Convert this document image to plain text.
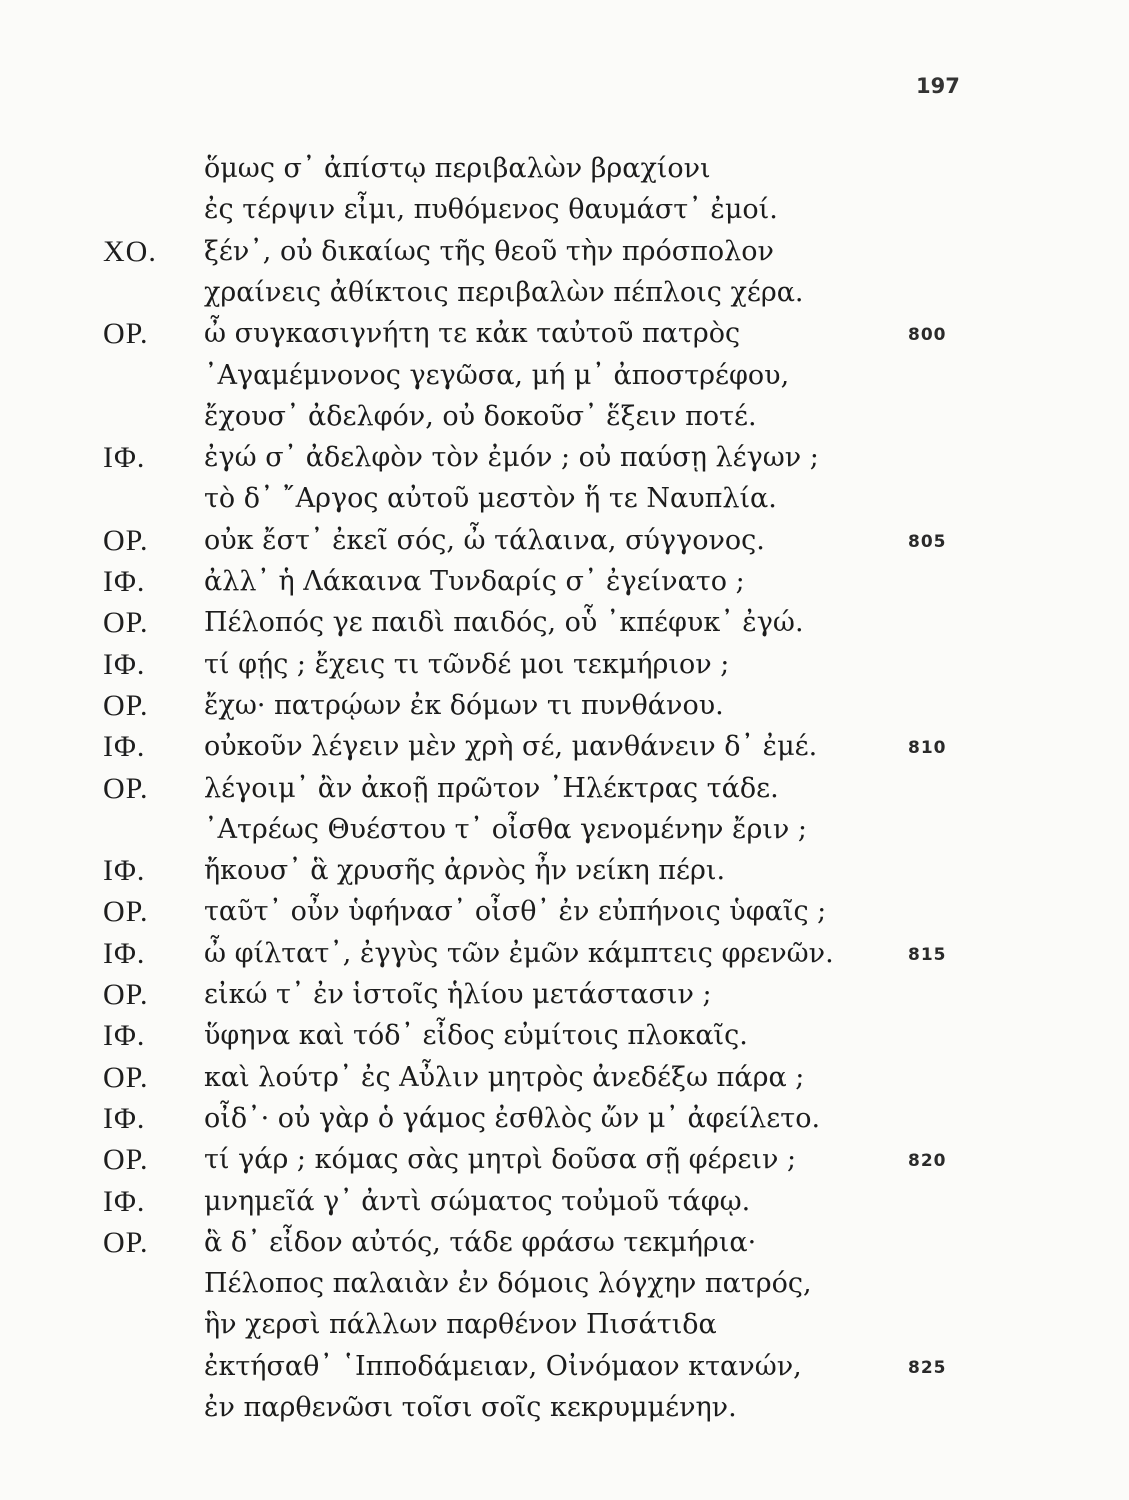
197
ὅμως σ᾽ ἀπίστῳ περιβαλὼν βραχίονι
ἐς τέρψιν εἶμι, πυθόμενος θαυμάστ᾽ ἐμοί.
ΧΟ. ξέν᾽, οὐ δικαίως τῆς θεοῦ τὴν πρόσπολον
χραίνεις ἀθίκτοις περιβαλὼν πέπλοις χέρα.
ΟΡ. ὦ συγκασιγνήτη τε κἀκ ταὐτοῦ πατρὸς	800
᾽Αγαμέμνονος γεγῶσα, μή μ᾽ ἀποστρέφου,
ἔχουσ᾽ ἀδελφόν, οὐ δοκοῦσ᾽ ἕξειν ποτέ.
ΙΦ. ἐγώ σ᾽ ἀδελφὸν τὸν ἐμόν ; οὐ παύσῃ λέγων ;
τὸ δ᾽ ῎Αργος αὐτοῦ μεστὸν ἥ τε Ναυπλία.
ΟΡ. οὐκ ἔστ᾽ ἐκεῖ σός, ὦ τάλαινα, σύγγονος.	805
ΙΦ. ἀλλ᾽ ἡ Λάκαινα Τυνδαρίς σ᾽ ἐγείνατο ;
ΟΡ. Πέλοπός γε παιδὶ παιδός, οὗ ᾽κπέφυκ᾽ ἐγώ.
ΙΦ. τί φῄς ; ἔχεις τι τῶνδέ μοι τεκμήριον ;
ΟΡ. ἔχω· πατρῴων ἐκ δόμων τι πυνθάνου.
ΙΦ. οὐκοῦν λέγειν μὲν χρὴ σέ, μανθάνειν δ᾽ ἐμέ.	810
ΟΡ. λέγοιμ᾽ ἂν ἀκοῇ πρῶτον ᾽Ηλέκτρας τάδε.
᾽Ατρέως Θυέστου τ᾽ οἶσθα γενομένην ἔριν ;
ΙΦ. ἤκουσ᾽ ἃ χρυσῆς ἀρνὸς ἦν νείκη πέρι.
ΟΡ. ταῦτ᾽ οὖν ὑφήνασ᾽ οἶσθ᾽ ἐν εὐπήνοις ὑφαῖς ;
ΙΦ. ὦ φίλτατ᾽, ἐγγὺς τῶν ἐμῶν κάμπτεις φρενῶν.	815
ΟΡ. εἰκώ τ᾽ ἐν ἱστοῖς ἡλίου μετάστασιν ;
ΙΦ. ὕφηνα καὶ τόδ᾽ εἶδος εὐμίτοις πλοκαῖς.
ΟΡ. καὶ λούτρ᾽ ἐς Αὖλιν μητρὸς ἀνεδέξω πάρα ;
ΙΦ. οἶδ᾽· οὐ γὰρ ὁ γάμος ἐσθλὸς ὤν μ᾽ ἀφείλετο.
ΟΡ. τί γάρ ; κόμας σὰς μητρὶ δοῦσα σῇ φέρειν ;	820
ΙΦ. μνημεῖά γ᾽ ἀντὶ σώματος τοὐμοῦ τάφῳ.
ΟΡ. ἃ δ᾽ εἶδον αὐτός, τάδε φράσω τεκμήρια·
Πέλοπος παλαιὰν ἐν δόμοις λόγχην πατρός,
ἣν χερσὶ πάλλων παρθένον Πισάτιδα
ἐκτήσαθ᾽ ῾Ιπποδάμειαν, Οἰνόμαον κτανών,	825
ἐν παρθενῶσι τοῖσι σοῖς κεκρυμμένην.
